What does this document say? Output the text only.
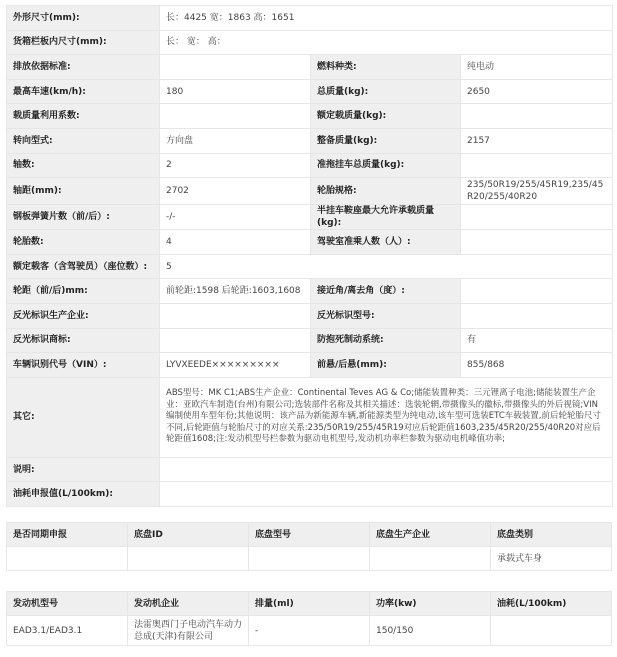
外形尺寸(mm):	长：4425 宽：1863 高：1651		
货箱栏板内尺寸(mm):	长： 宽： 高：		
排放依据标准:		燃料种类:	纯电动
最高车速(km/h):	180	总质量(kg):	2650
载质量利用系数:		额定载质量(kg):	
转向型式:	方向盘	整备质量(kg):	2157
轴数:	2	准拖挂车总质量(kg):	
轴距(mm):	2702	轮胎规格:	235/50R19/255/45R19,235/45R20/255/40R20
钢板弹簧片数（前/后）:	-/-	半挂车鞍座最大允许承载质量(kg):	
轮胎数:	4	驾驶室准乘人数（人）:	
额定载客（含驾驶员）（座位数）:	5		
轮距（前/后)mm:	前轮距:1598 后轮距:1603,1608	接近角/离去角（度）:	
反光标识生产企业:		反光标识型号:	
反光标识商标:		防抱死制动系统:	有
车辆识别代号（VIN）:	LYVXEEDE×××××××××	前悬/后悬(mm):	855/868
其它:	ABS型号：MK C1;ABS生产企业：Continental Teves AG & Co;储能装置种类：三元锂离子电池;储能装置生产企业：亚欧汽车制造(台州)有限公司;选装部件名称及其相关描述：选装轮辋,带摄像头的徽标,带摄像头的外后视镜;VIN编制使用车型年份;其他说明：该产品为新能源车辆,新能源类型为纯电动,该车型可选装ETC车载装置,前后轮轮胎尺寸不同,后轮距值与轮胎尺寸的对应关系:235/50R19/255/45R19对应后轮距值1603,235/45R20/255/40R20对应后轮距值1608;注:发动机型号栏参数为驱动电机型号,发动机功率栏参数为驱动电机峰值功率;		
说明:			
油耗申报值(L/100km):			
是否同期申报	底盘ID	底盘型号	底盘生产企业	底盘类别
				承载式车身
发动机型号	发动机企业	排量(ml)	功率(kw)	油耗(L/100km)
EAD3.1/EAD3.1	法雷奥西门子电动汽车动力总成(天津)有限公司	-	150/150	
